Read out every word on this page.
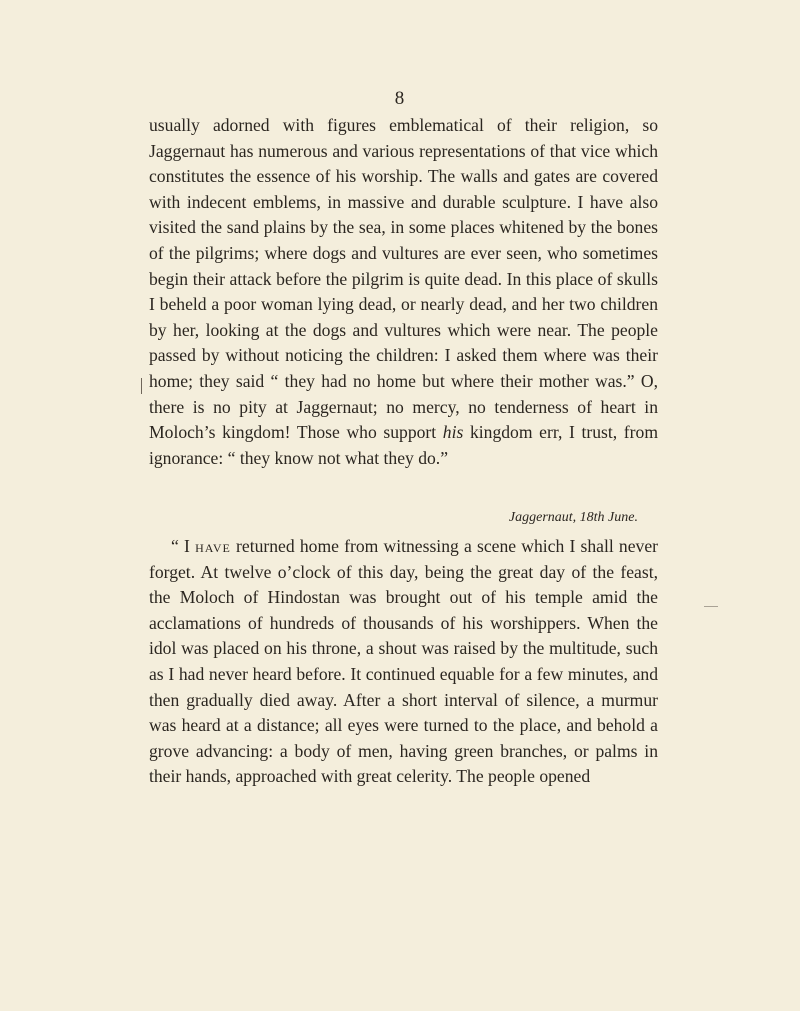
8

usually adorned with figures emblematical of their religion, so Jaggernaut has numerous and various representations of that vice which constitutes the essence of his worship. The walls and gates are covered with indecent emblems, in massive and durable sculpture. I have also visited the sand plains by the sea, in some places whitened by the bones of the pilgrims; where dogs and vultures are ever seen, who sometimes begin their attack before the pilgrim is quite dead. In this place of skulls I beheld a poor woman lying dead, or nearly dead, and her two children by her, looking at the dogs and vultures which were near. The people passed by without noticing the children: I asked them where was their home; they said “ they had no home but where their mother was.” O, there is no pity at Jaggernaut; no mercy, no tenderness of heart in Moloch’s kingdom! Those who support his kingdom err, I trust, from ignorance: “ they know not what they do.”

Jaggernaut, 18th June.

“ I have returned home from witnessing a scene which I shall never forget. At twelve o’clock of this day, being the great day of the feast, the Moloch of Hindostan was brought out of his temple amid the acclamations of hundreds of thousands of his worshippers. When the idol was placed on his throne, a shout was raised by the multitude, such as I had never heard before. It continued equable for a few minutes, and then gradually died away. After a short interval of silence, a murmur was heard at a distance; all eyes were turned to the place, and behold a grove advancing: a body of men, having green branches, or palms in their hands, approached with great celerity. The people opened
